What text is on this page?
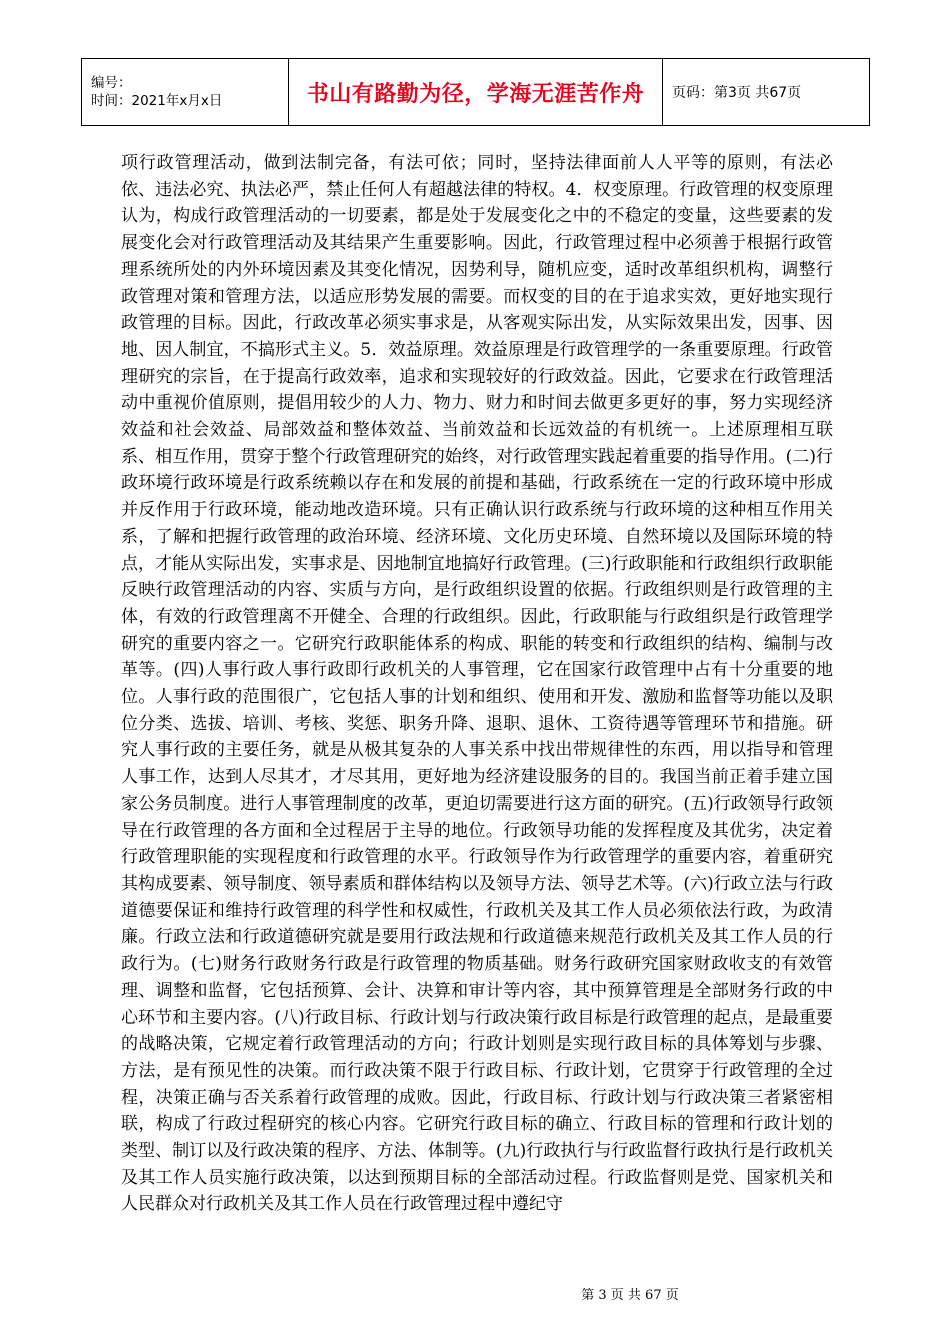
编号：
时间：2021年x月x日	书山有路勤为径，学海无涯苦作舟	页码：第3页 共67页

项行政管理活动，做到法制完备，有法可依；同时，坚持法律面前人人平等的原则，有法必依、违法必究、执法必严，禁止任何人有超越法律的特权。4．权变原理。行政管理的权变原理认为，构成行政管理活动的一切要素，都是处于发展变化之中的不稳定的变量，这些要素的发展变化会对行政管理活动及其结果产生重要影响。因此，行政管理过程中必须善于根据行政管理系统所处的内外环境因素及其变化情况，因势利导，随机应变，适时改革组织机构，调整行政管理对策和管理方法，以适应形势发展的需要。而权变的目的在于追求实效，更好地实现行政管理的目标。因此，行政改革必须实事求是，从客观实际出发，从实际效果出发，因事、因地、因人制宜，不搞形式主义。5．效益原理。效益原理是行政管理学的一条重要原理。行政管理研究的宗旨，在于提高行政效率，追求和实现较好的行政效益。因此，它要求在行政管理活动中重视价值原则，提倡用较少的人力、物力、财力和时间去做更多更好的事，努力实现经济效益和社会效益、局部效益和整体效益、当前效益和长远效益的有机统一。上述原理相互联系、相互作用，贯穿于整个行政管理研究的始终，对行政管理实践起着重要的指导作用。(二)行政环境行政环境是行政系统赖以存在和发展的前提和基础，行政系统在一定的行政环境中形成并反作用于行政环境，能动地改造环境。只有正确认识行政系统与行政环境的这种相互作用关系，了解和把握行政管理的政治环境、经济环境、文化历史环境、自然环境以及国际环境的特点，才能从实际出发，实事求是、因地制宜地搞好行政管理。(三)行政职能和行政组织行政职能反映行政管理活动的内容、实质与方向，是行政组织设置的依据。行政组织则是行政管理的主体，有效的行政管理离不开健全、合理的行政组织。因此，行政职能与行政组织是行政管理学研究的重要内容之一。它研究行政职能体系的构成、职能的转变和行政组织的结构、编制与改革等。(四)人事行政人事行政即行政机关的人事管理，它在国家行政管理中占有十分重要的地位。人事行政的范围很广，它包括人事的计划和组织、使用和开发、激励和监督等功能以及职位分类、选拔、培训、考核、奖惩、职务升降、退职、退休、工资待遇等管理环节和措施。研究人事行政的主要任务，就是从极其复杂的人事关系中找出带规律性的东西，用以指导和管理人事工作，达到人尽其才，才尽其用，更好地为经济建设服务的目的。我国当前正着手建立国家公务员制度。进行人事管理制度的改革，更迫切需要进行这方面的研究。(五)行政领导行政领导在行政管理的各方面和全过程居于主导的地位。行政领导功能的发挥程度及其优劣，决定着行政管理职能的实现程度和行政管理的水平。行政领导作为行政管理学的重要内容，着重研究其构成要素、领导制度、领导素质和群体结构以及领导方法、领导艺术等。(六)行政立法与行政道德要保证和维持行政管理的科学性和权威性，行政机关及其工作人员必须依法行政，为政清廉。行政立法和行政道德研究就是要用行政法规和行政道德来规范行政机关及其工作人员的行政行为。(七)财务行政财务行政是行政管理的物质基础。财务行政研究国家财政收支的有效管理、调整和监督，它包括预算、会计、决算和审计等内容，其中预算管理是全部财务行政的中心环节和主要内容。(八)行政目标、行政计划与行政决策行政目标是行政管理的起点，是最重要的战略决策，它规定着行政管理活动的方向；行政计划则是实现行政目标的具体筹划与步骤、方法，是有预见性的决策。而行政决策不限于行政目标、行政计划，它贯穿于行政管理的全过程，决策正确与否关系着行政管理的成败。因此，行政目标、行政计划与行政决策三者紧密相联，构成了行政过程研究的核心内容。它研究行政目标的确立、行政目标的管理和行政计划的类型、制订以及行政决策的程序、方法、体制等。(九)行政执行与行政监督行政执行是行政机关及其工作人员实施行政决策，以达到预期目标的全部活动过程。行政监督则是党、国家机关和人民群众对行政机关及其工作人员在行政管理过程中遵纪守

第 3 页 共 67 页
